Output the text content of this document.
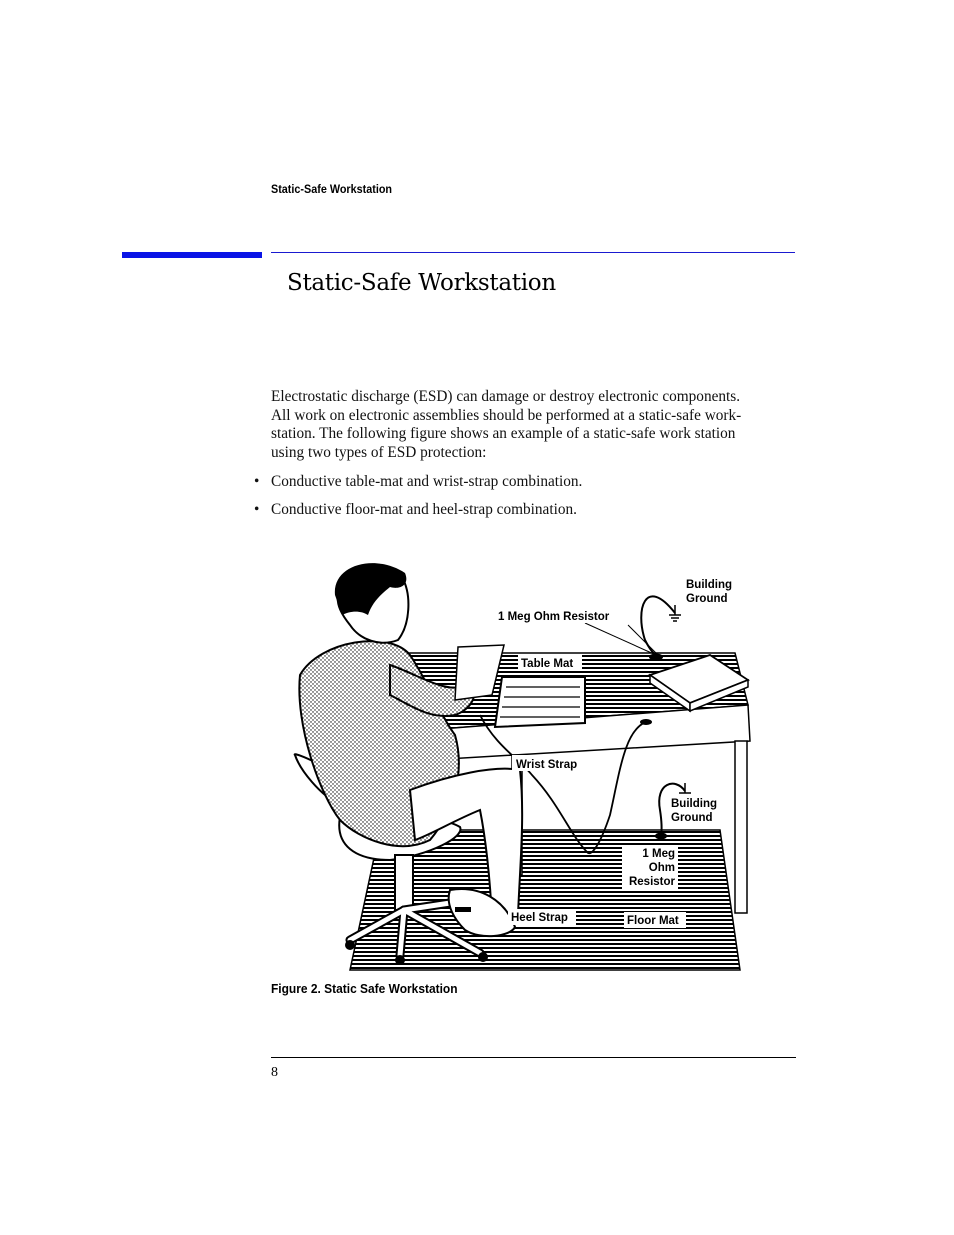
Static-Safe Workstation
Static-Safe Workstation

Electrostatic discharge (ESD) can damage or destroy electronic components.
All work on electronic assemblies should be performed at a static-safe work-
station. The following figure shows an example of a static-safe work station
using two types of ESD protection:

• Conductive table-mat and wrist-strap combination.
• Conductive floor-mat and heel-strap combination.
Building
Ground
1 Meg Ohm Resistor
Table Mat
Wrist Strap
Building
Ground
1 Meg
Ohm
Resistor
Heel Strap	Floor Mat
Figure 2. Static Safe Workstation
8
